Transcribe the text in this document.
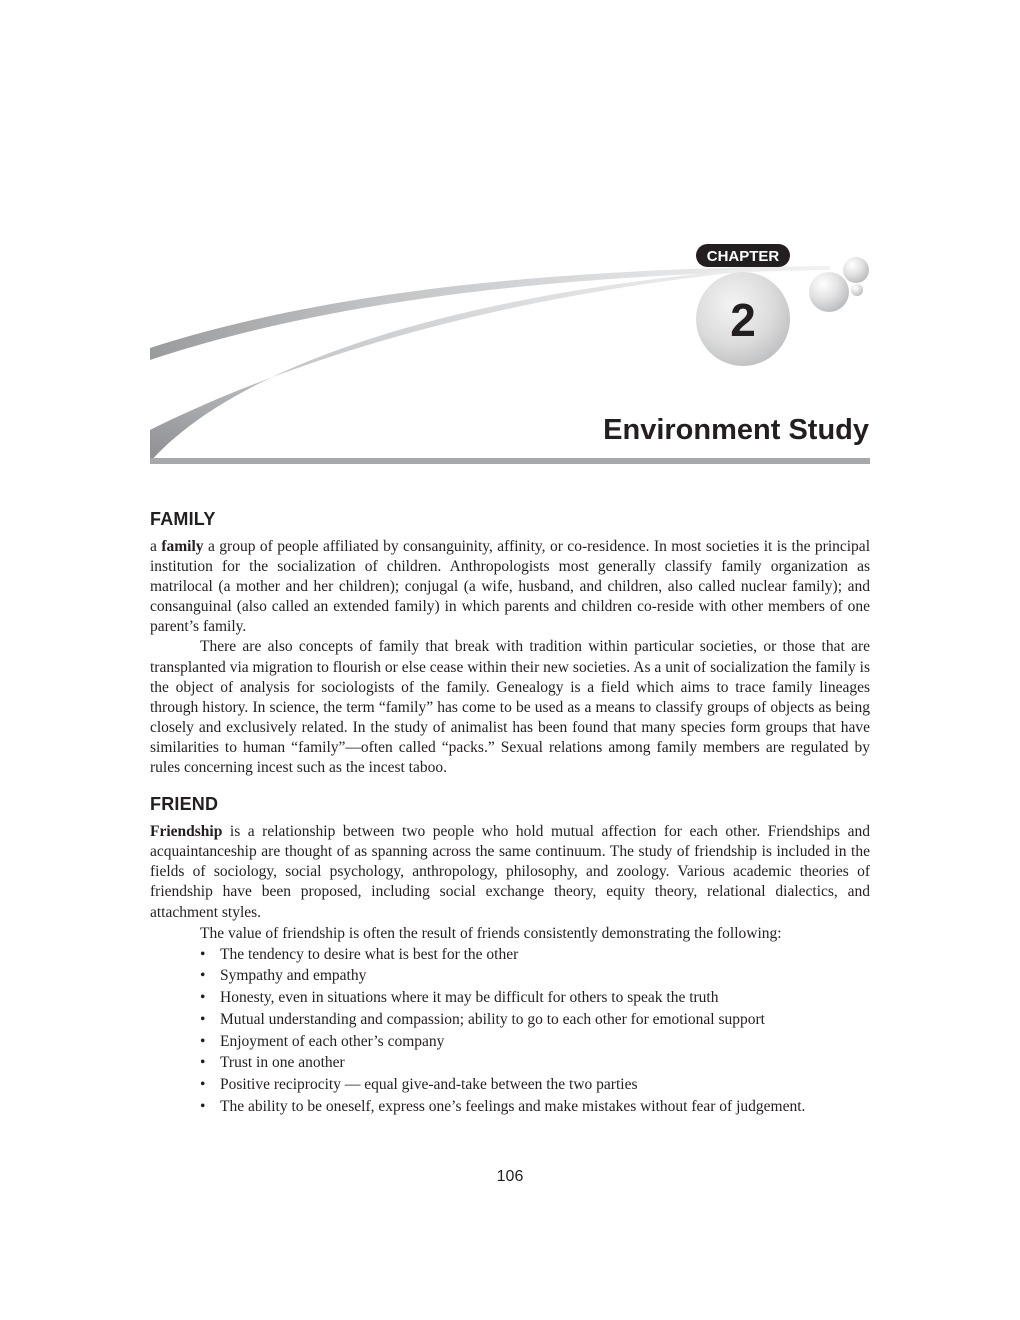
2
CHAPTER
Environment Study
FAMILY

a family a group of people affiliated by consanguinity, affinity, or co-residence. In most societies it is the principal institution for the socialization of children. Anthropologists most generally classify family organization as matrilocal (a mother and her children); conjugal (a wife, husband, and children, also called nuclear family); and consanguinal (also called an extended family) in which parents and children co-reside with other members of one parent’s family.

There are also concepts of family that break with tradition within particular societies, or those that are transplanted via migration to flourish or else cease within their new societies. As a unit of socialization the family is the object of analysis for sociologists of the family. Genealogy is a field which aims to trace family lineages through history. In science, the term “family” has come to be used as a means to classify groups of objects as being closely and exclusively related. In the study of animalist has been found that many species form groups that have similarities to human “family”—often called “packs.” Sexual relations among family members are regulated by rules concerning incest such as the incest taboo.

FRIEND

Friendship is a relationship between two people who hold mutual affection for each other. Friendships and acquaintanceship are thought of as spanning across the same continuum. The study of friendship is included in the fields of sociology, social psychology, anthropology, philosophy, and zoology. Various academic theories of friendship have been proposed, including social exchange theory, equity theory, relational dialectics, and attachment styles.

The value of friendship is often the result of friends consistently demonstrating the following:

• The tendency to desire what is best for the other
• Sympathy and empathy
• Honesty, even in situations where it may be difficult for others to speak the truth
• Mutual understanding and compassion; ability to go to each other for emotional support
• Enjoyment of each other’s company
• Trust in one another
• Positive reciprocity — equal give-and-take between the two parties
• The ability to be oneself, express one’s feelings and make mistakes without fear of judgement.
106
